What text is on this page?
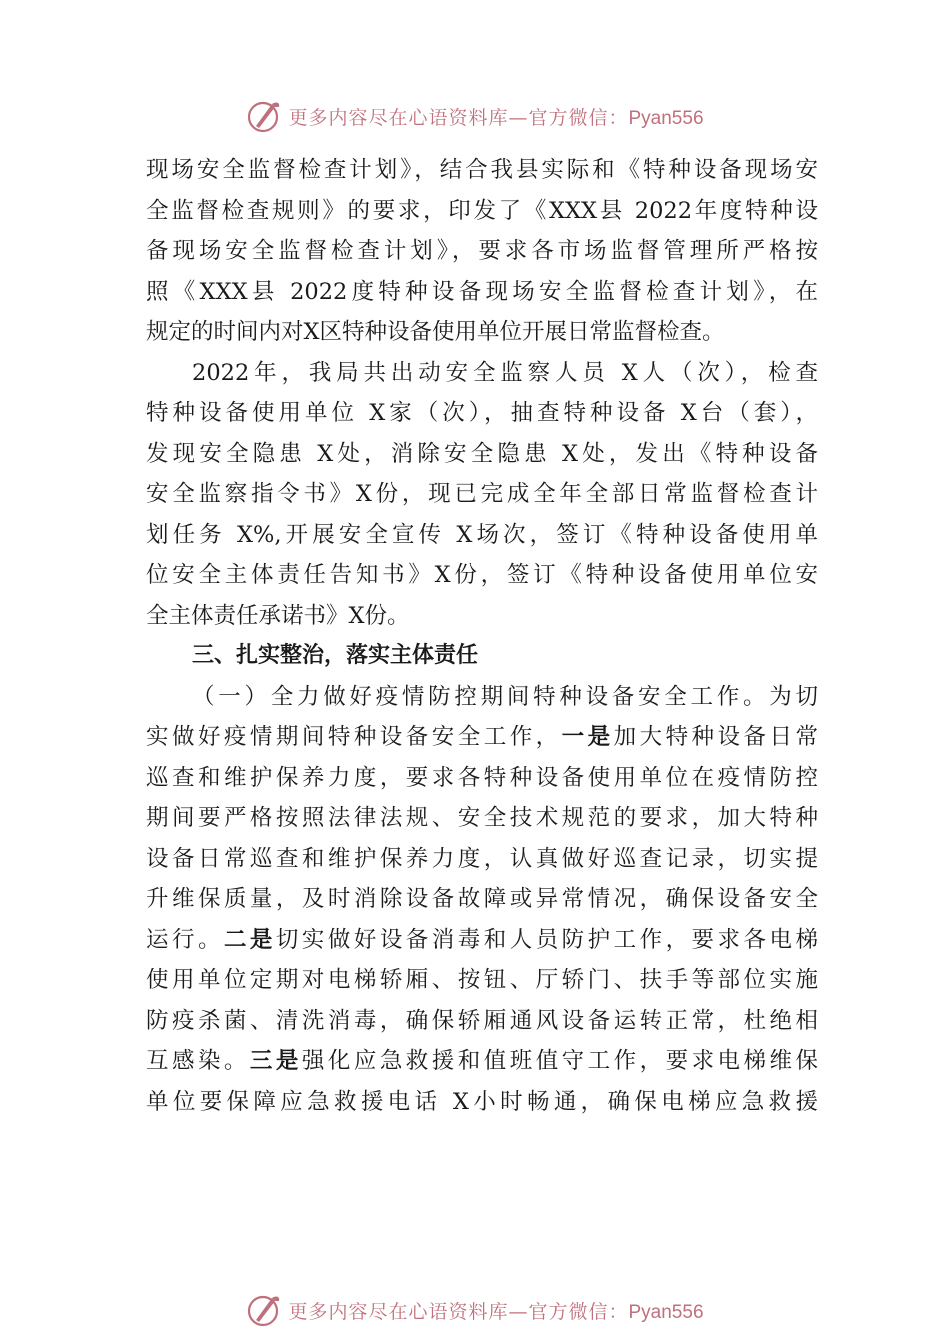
更多内容尽在心语资料库—官方微信：Pyan556
现场安全监督检查计划》，结合我县实际和《特种设备现场安
全监督检查规则》的要求，印发了《XXX县 2022年度特种设
备现场安全监督检查计划》，要求各市场监督管理所严格按
照《XXX县 2022度特种设备现场安全监督检查计划》，在
规定的时间内对X区特种设备使用单位开展日常监督检查。
2022年，我局共出动安全监察人员 X人（次），检查
特种设备使用单位 X家（次），抽查特种设备 X台（套），
发现安全隐患 X处，消除安全隐患 X处，发出《特种设备
安全监察指令书》X份，现已完成全年全部日常监督检查计
划任务 X%,开展安全宣传 X场次，签订《特种设备使用单
位安全主体责任告知书》X份，签订《特种设备使用单位安
全主体责任承诺书》X份。
三、扎实整治，落实主体责任
（一）全力做好疫情防控期间特种设备安全工作。为切
实做好疫情期间特种设备安全工作，一是加大特种设备日常
巡查和维护保养力度，要求各特种设备使用单位在疫情防控
期间要严格按照法律法规、安全技术规范的要求，加大特种
设备日常巡查和维护保养力度，认真做好巡查记录，切实提
升维保质量，及时消除设备故障或异常情况，确保设备安全
运行。二是切实做好设备消毒和人员防护工作，要求各电梯
使用单位定期对电梯轿厢、按钮、厅轿门、扶手等部位实施
防疫杀菌、清洗消毒，确保轿厢通风设备运转正常，杜绝相
互感染。三是强化应急救援和值班值守工作，要求电梯维保
单位要保障应急救援电话 X小时畅通，确保电梯应急救援
更多内容尽在心语资料库—官方微信：Pyan556
